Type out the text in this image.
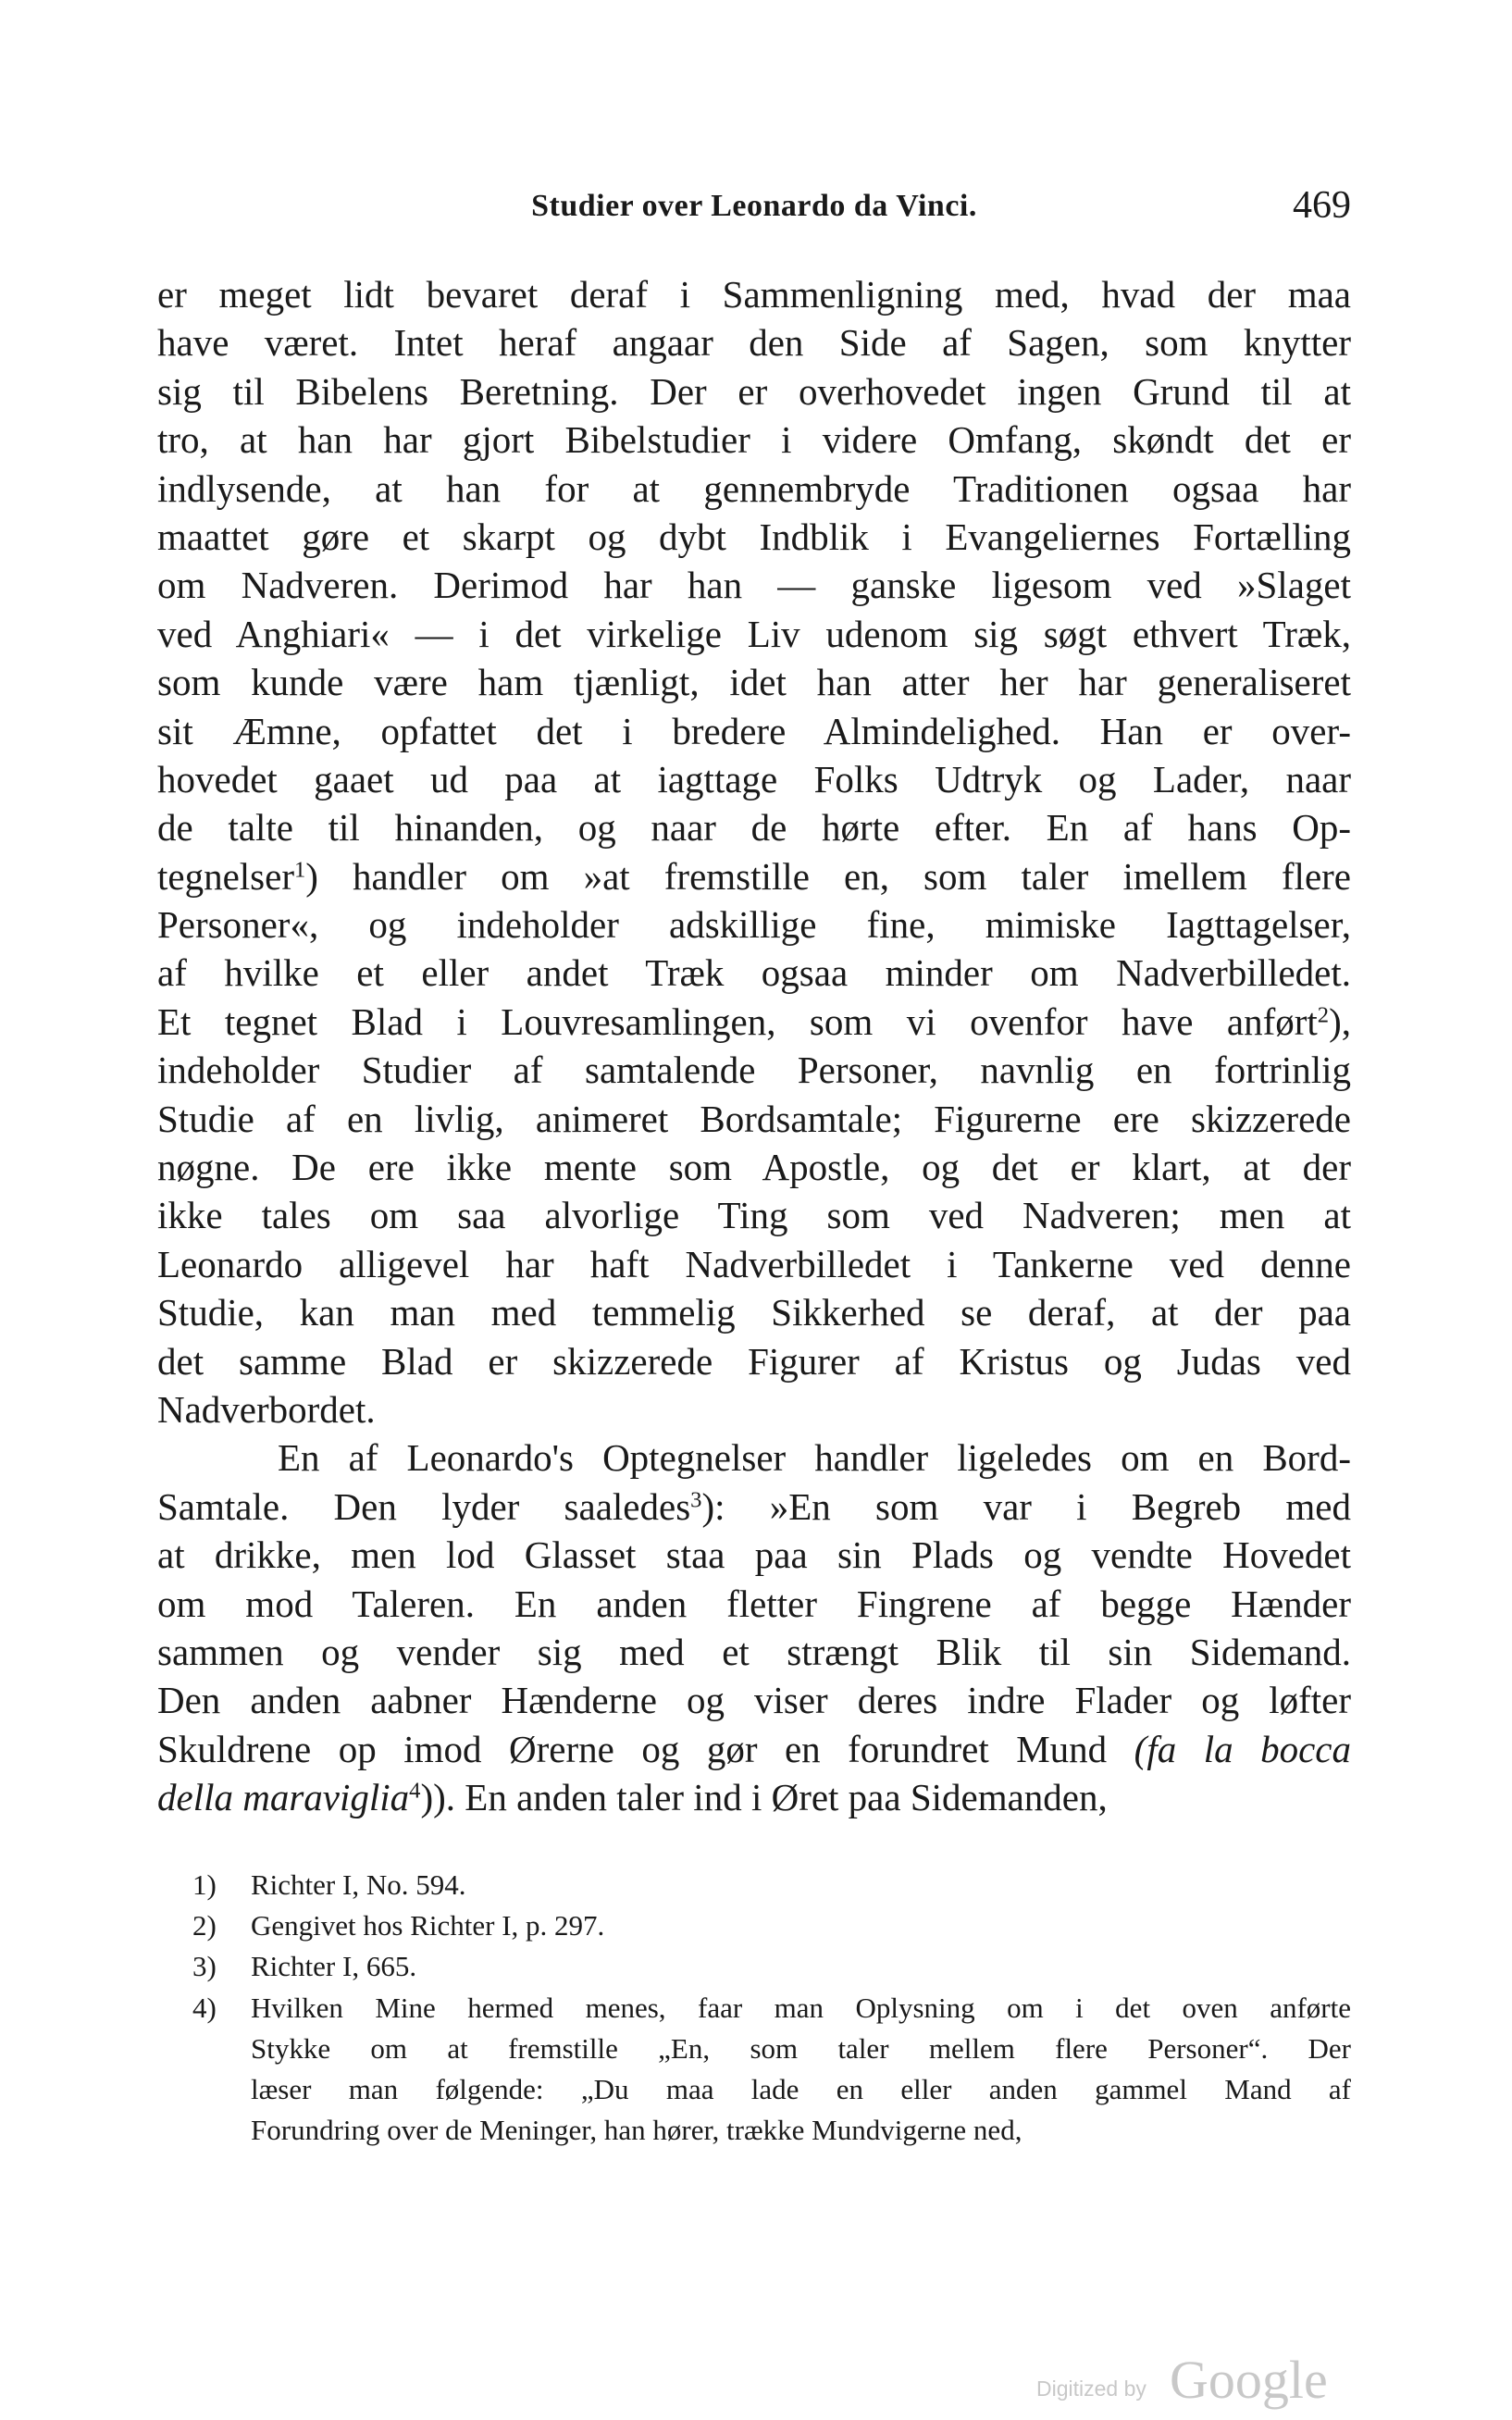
Studier over Leonardo da Vinci.	469
er meget lidt bevaret deraf i Sammenligning med, hvad der maa
have været. Intet heraf angaar den Side af Sagen, som knytter
sig til Bibelens Beretning. Der er overhovedet ingen Grund til at
tro, at han har gjort Bibelstudier i videre Omfang, skøndt det er
indlysende, at han for at gennembryde Traditionen ogsaa har
maattet gøre et skarpt og dybt Indblik i Evangeliernes Fortælling
om Nadveren. Derimod har han — ganske ligesom ved »Slaget
ved Anghiari« — i det virkelige Liv udenom sig søgt ethvert Træk,
som kunde være ham tjænligt, idet han atter her har generaliseret
sit Æmne, opfattet det i bredere Almindelighed. Han er over-
hovedet gaaet ud paa at iagttage Folks Udtryk og Lader, naar
de talte til hinanden, og naar de hørte efter. En af hans Op-
tegnelser$^1$) handler om »at fremstille en, som taler imellem flere
Personer«, og indeholder adskillige fine, mimiske Iagttagelser,
af hvilke et eller andet Træk ogsaa minder om Nadverbilledet.
Et tegnet Blad i Louvresamlingen, som vi ovenfor have anført$^2$),
indeholder Studier af samtalende Personer, navnlig en fortrinlig
Studie af en livlig, animeret Bordsamtale; Figurerne ere skizzerede
nøgne. De ere ikke mente som Apostle, og det er klart, at der
ikke tales om saa alvorlige Ting som ved Nadveren; men at
Leonardo alligevel har haft Nadverbilledet i Tankerne ved denne
Studie, kan man med temmelig Sikkerhed se deraf, at der paa
det samme Blad er skizzerede Figurer af Kristus og Judas ved
Nadverbordet.
En af Leonardo's Optegnelser handler ligeledes om en Bord-
Samtale. Den lyder saaledes$^3$): »En som var i Begreb med
at drikke, men lod Glasset staa paa sin Plads og vendte Hovedet
om mod Taleren. En anden fletter Fingrene af begge Hænder
sammen og vender sig med et strængt Blik til sin Sidemand.
Den anden aabner Hænderne og viser deres indre Flader og løfter
Skuldrene op imod Ørerne og gør en forundret Mund (fa la bocca
della maraviglia$^4$)). En anden taler ind i Øret paa Sidemanden,
1) Richter I, No. 594.
2) Gengivet hos Richter I, p. 297.
3) Richter I, 665.
4) Hvilken Mine hermed menes, faar man Oplysning om i det oven anførte
Stykke om at fremstille „En, som taler mellem flere Personer“. Der
læser man følgende: „Du maa lade en eller anden gammel Mand af
Forundring over de Meninger, han hører, trække Mundvigerne ned,
Digitized by Google
